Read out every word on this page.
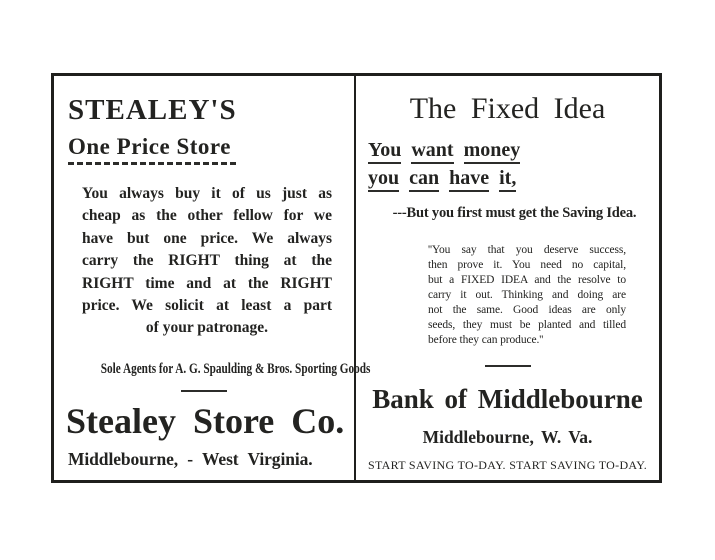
STEALEY'S
One Price Store
You always buy it of us just as
cheap as the other fellow for we
have but one price. We always
carry the RIGHT thing at the
RIGHT time and at the RIGHT
price. We solicit at least a part
of your patronage.
Sole Agents for A. G. Spaulding & Bros. Sporting Goods
Stealey Store Co.
Middlebourne, - West Virginia.
The Fixed Idea
You want money
you can have it,
---But you first must get the Saving Idea.
''You say that you deserve success,
then prove it. You need no capital,
but a FIXED IDEA and the resolve to
carry it out. Thinking and doing are
not the same. Good ideas are only
seeds, they must be planted and tilled
before they can produce.''
Bank of Middlebourne
Middlebourne, W. Va.
START SAVING TO-DAY. START SAVING TO-DAY.
